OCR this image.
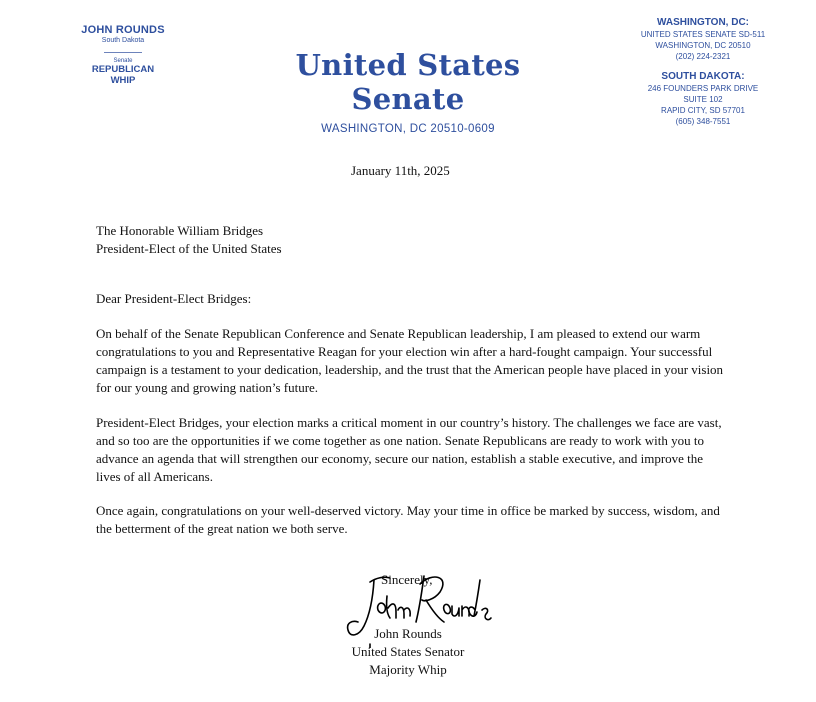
JOHN ROUNDS
South Dakota
Senate
REPUBLICAN
WHIP	United States Senate
WASHINGTON, DC 20510-0609
WASHINGTON, DC:
UNITED STATES SENATE SD-511
WASHINGTON, DC 20510
(202) 224-2321
SOUTH DAKOTA:
246 FOUNDERS PARK DRIVE
SUITE 102
RAPID CITY, SD 57701
(605) 348-7551
January 11th, 2025
The Honorable William Bridges
President-Elect of the United States
Dear President-Elect Bridges:
On behalf of the Senate Republican Conference and Senate Republican leadership, I am pleased to extend our warm congratulations to you and Representative Reagan for your election win after a hard-fought campaign. Your successful campaign is a testament to your dedication, leadership, and the trust that the American people have placed in your vision for our young and growing nation’s future.
President-Elect Bridges, your election marks a critical moment in our country’s history. The challenges we face are vast, and so too are the opportunities if we come together as one nation. Senate Republicans are ready to work with you to advance an agenda that will strengthen our economy, secure our nation, establish a stable executive, and improve the lives of all Americans.
Once again, congratulations on your well-deserved victory. May your time in office be marked by success, wisdom, and the betterment of the great nation we both serve.
Sincerely,
John Rounds
United States Senator
Majority Whip
